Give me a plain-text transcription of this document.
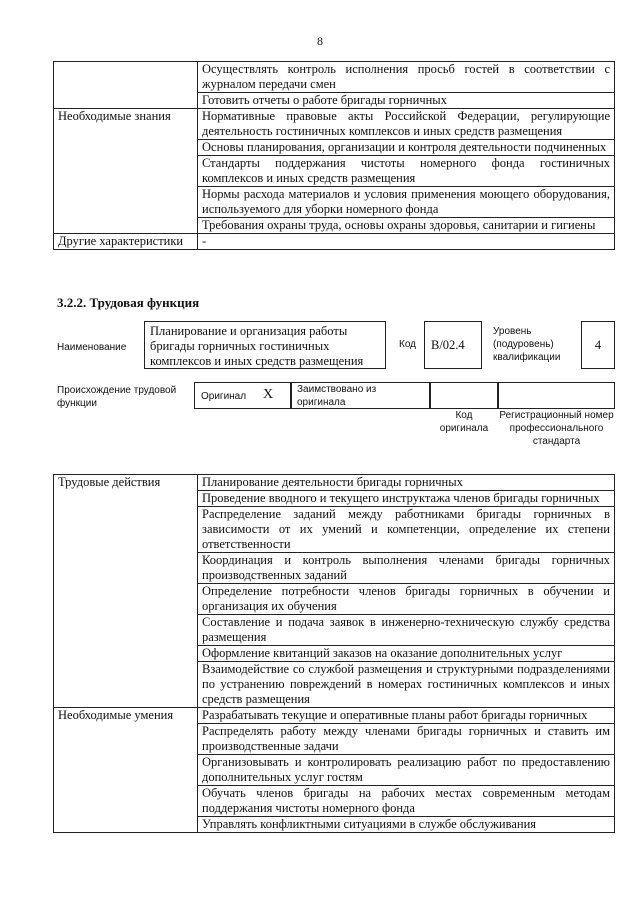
8
	Осуществлять контроль исполнения просьб гостей в соответствии с журналом передачи смен
	Готовить отчеты о работе бригады горничных
Необходимые знания	Нормативные правовые акты Российской Федерации, регулирующие деятельность гостиничных комплексов и иных средств размещения
	Основы планирования, организации и контроля деятельности подчиненных
	Стандарты поддержания чистоты номерного фонда гостиничных комплексов и иных средств размещения
	Нормы расхода материалов и условия применения моющего оборудования, используемого для уборки номерного фонда
	Требования охраны труда, основы охраны здоровья, санитарии и гигиены
Другие характеристики	-
3.2.2. Трудовая функция
Наименование
Планирование и организация работы бригады горничных гостиничных комплексов и иных средств размещения
Код	B/02.4
Уровень (подуровень) квалификации
4
Происхождение трудовой функции
Оригинал X Заимствовано из оригинала
Код оригинала
Регистрационный номер профессионального стандарта
Трудовые действия	Планирование деятельности бригады горничных
	Проведение вводного и текущего инструктажа членов бригады горничных
	Распределение заданий между работниками бригады горничных в зависимости от их умений и компетенции, определение их степени ответственности
	Координация и контроль выполнения членами бригады горничных производственных заданий
	Определение потребности членов бригады горничных в обучении и организация их обучения
	Составление и подача заявок в инженерно-техническую службу средства размещения
	Оформление квитанций заказов на оказание дополнительных услуг
	Взаимодействие со службой размещения и структурными подразделениями по устранению повреждений в номерах гостиничных комплексов и иных средств размещения
Необходимые умения	Разрабатывать текущие и оперативные планы работ бригады горничных
	Распределять работу между членами бригады горничных и ставить им производственные задачи
	Организовывать и контролировать реализацию работ по предоставлению дополнительных услуг гостям
	Обучать членов бригады на рабочих местах современным методам поддержания чистоты номерного фонда
	Управлять конфликтными ситуациями в службе обслуживания
